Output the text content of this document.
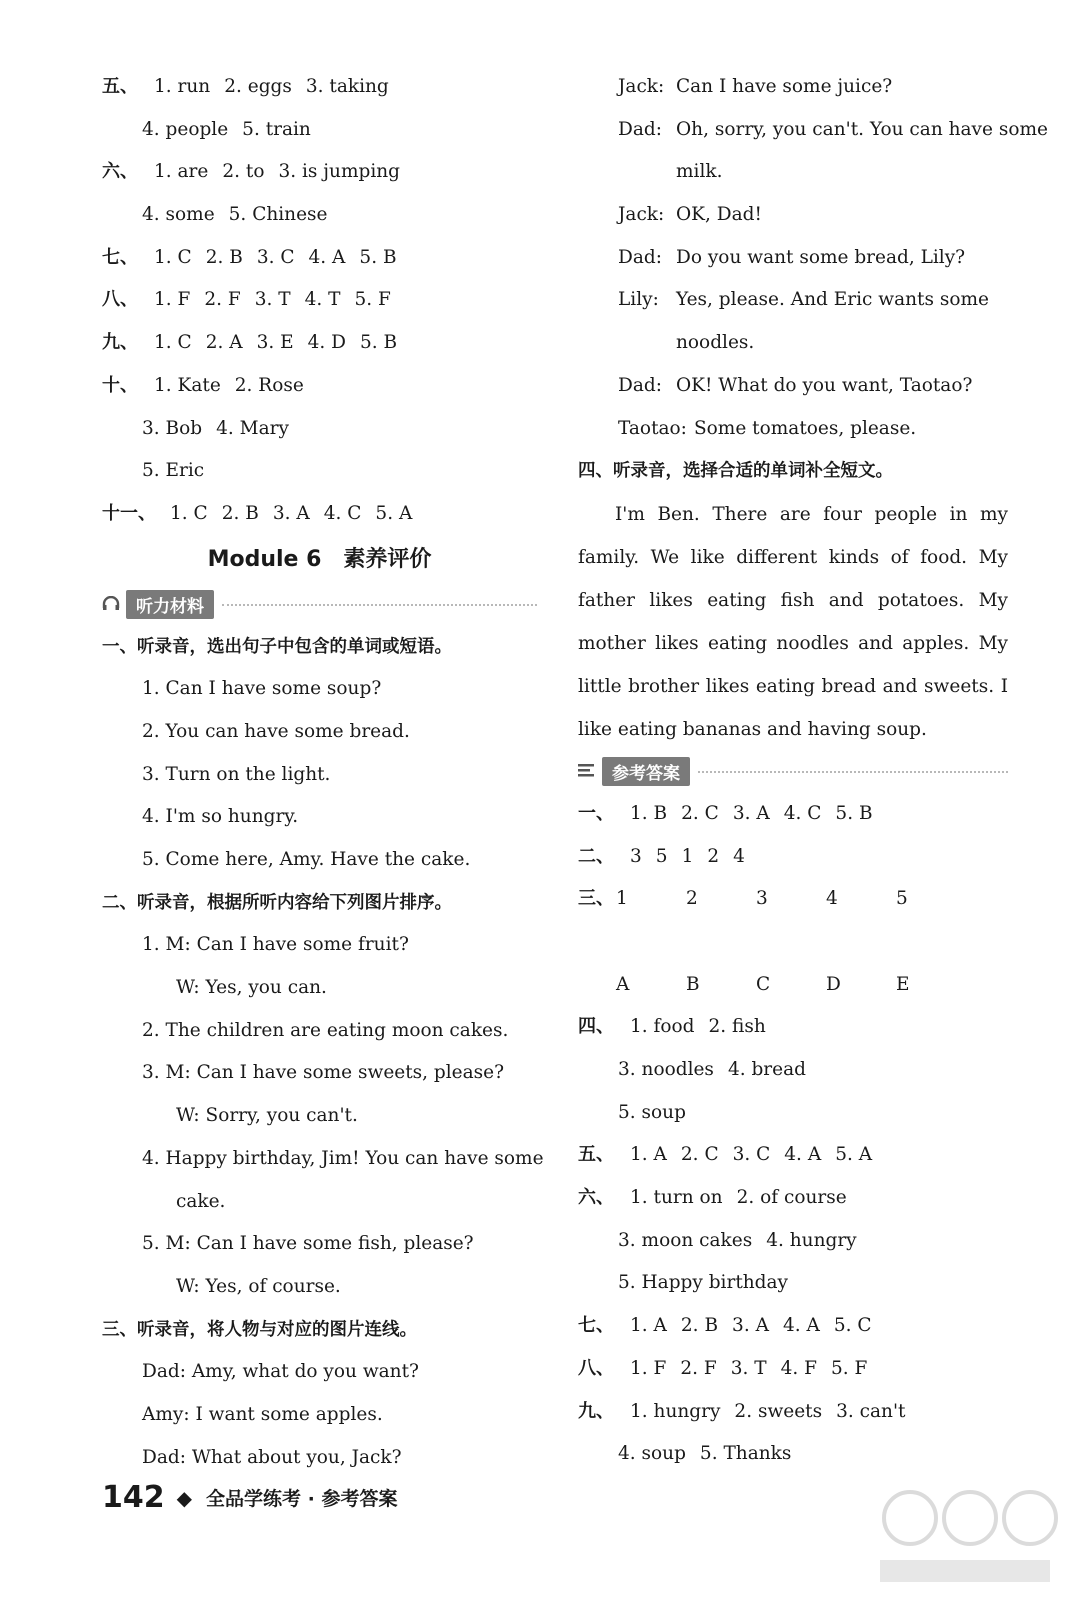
五、 1. run 2. eggs 3. taking
4. people 5. train
六、 1. are 2. to 3. is jumping
4. some 5. Chinese
七、 1. C 2. B 3. C 4. A 5. B
八、 1. F 2. F 3. T 4. T 5. F
九、 1. C 2. A 3. E 4. D 5. B
十、 1. Kate 2. Rose
3. Bob 4. Mary
5. Eric
十一、 1. C 2. B 3. A 4. C 5. A
Module 6　素养评价
听力材料
一、听录音，选出句子中包含的单词或短语。
1. Can I have some soup?
2. You can have some bread.
3. Turn on the light.
4. I'm so hungry.
5. Come here, Amy. Have the cake.
二、听录音，根据所听内容给下列图片排序。
1. M: Can I have some fruit?
W: Yes, you can.
2. The children are eating moon cakes.
3. M: Can I have some sweets, please?
W: Sorry, you can't.
4. Happy birthday, Jim! You can have some
cake.
5. M: Can I have some fish, please?
W: Yes, of course.
三、听录音，将人物与对应的图片连线。
Dad: Amy, what do you want?
Amy: I want some apples.
Dad: What about you, Jack?
Jack: Can I have some juice?
Dad: Oh, sorry, you can't. You can have some
milk.
Jack: OK, Dad!
Dad: Do you want some bread, Lily?
Lily: Yes, please. And Eric wants some
noodles.
Dad: OK! What do you want, Taotao?
Taotao: Some tomatoes, please.
四、听录音，选择合适的单词补全短文。

I'm Ben. There are four people in my family. We like different kinds of food. My father likes eating fish and potatoes. My mother likes eating noodles and apples. My little brother likes eating bread and sweets. I like eating bananas and having soup.

参考答案
一、 1. B 2. C 3. A 4. C 5. B
二、 3 5 1 2 4
三、 1	2	3	4	5
A	B	C	D	E
四、 1. food 2. fish
3. noodles 4. bread
5. soup
五、 1. A 2. C 3. C 4. A 5. A
六、 1. turn on 2. of course
3. moon cakes 4. hungry
5. Happy birthday
七、 1. A 2. B 3. A 4. A 5. C
八、 1. F 2. F 3. T 4. F 5. F
九、 1. hungry 2. sweets 3. can't
4. soup 5. Thanks
142 ◆ 全品学练考 · 参考答案
